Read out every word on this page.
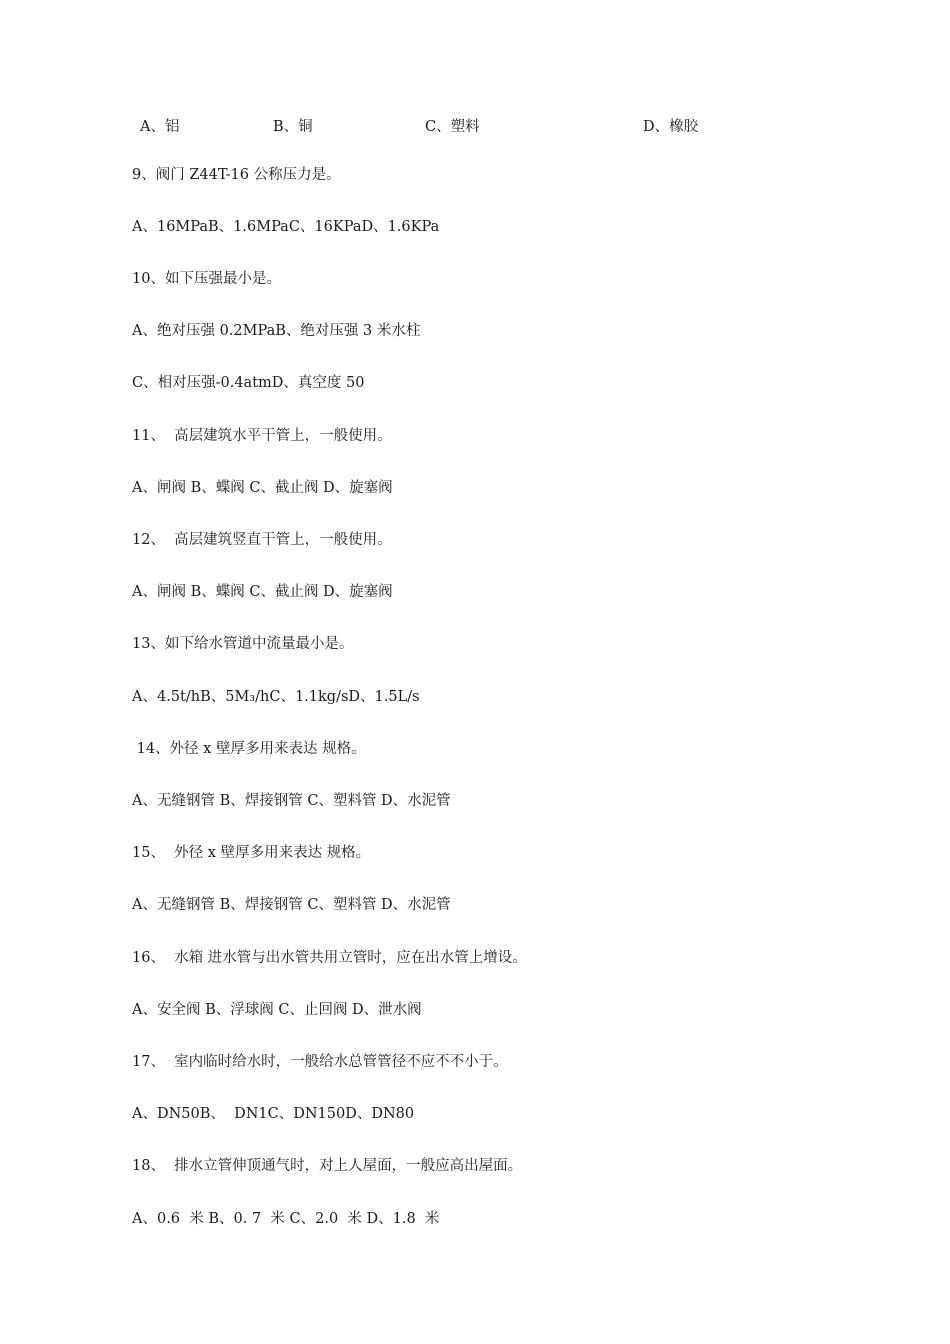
A、铝	B、铜	C、塑料	D、橡胶
9、阀门 Z44T-16 公称压力是。
A、16MPaB、1.6MPaC、16KPaD、1.6KPa
10、如下压强最小是。
A、绝对压强 0.2MPaB、绝对压强 3 米水柱
C、相对压强-0.4atmD、真空度 50
11、  高层建筑水平干管上，一般使用。
A、闸阀 B、蝶阀 C、截止阀 D、旋塞阀
12、  高层建筑竖直干管上，一般使用。
A、闸阀 B、蝶阀 C、截止阀 D、旋塞阀
13、如下给水管道中流量最小是。
A、4.5t/hB、5M₃/hC、1.1kg/sD、1.5L/s
14、外径 x 壁厚多用来表达 规格。
A、无缝钢管 B、焊接钢管 C、塑料管 D、水泥管
15、  外径 x 壁厚多用来表达 规格。
A、无缝钢管 B、焊接钢管 C、塑料管 D、水泥管
16、  水箱 进水管与出水管共用立管时，应在出水管上增设。
A、安全阀 B、浮球阀 C、止回阀 D、泄水阀
17、  室内临时给水时，一般给水总管管径不应不不小于。
A、DN50B、  DN1C、DN150D、DN80
18、  排水立管伸顶通气时，对上人屋面，一般应高出屋面。
A、0.6  米 B、0. 7  米 C、2.0  米 D、1.8  米
